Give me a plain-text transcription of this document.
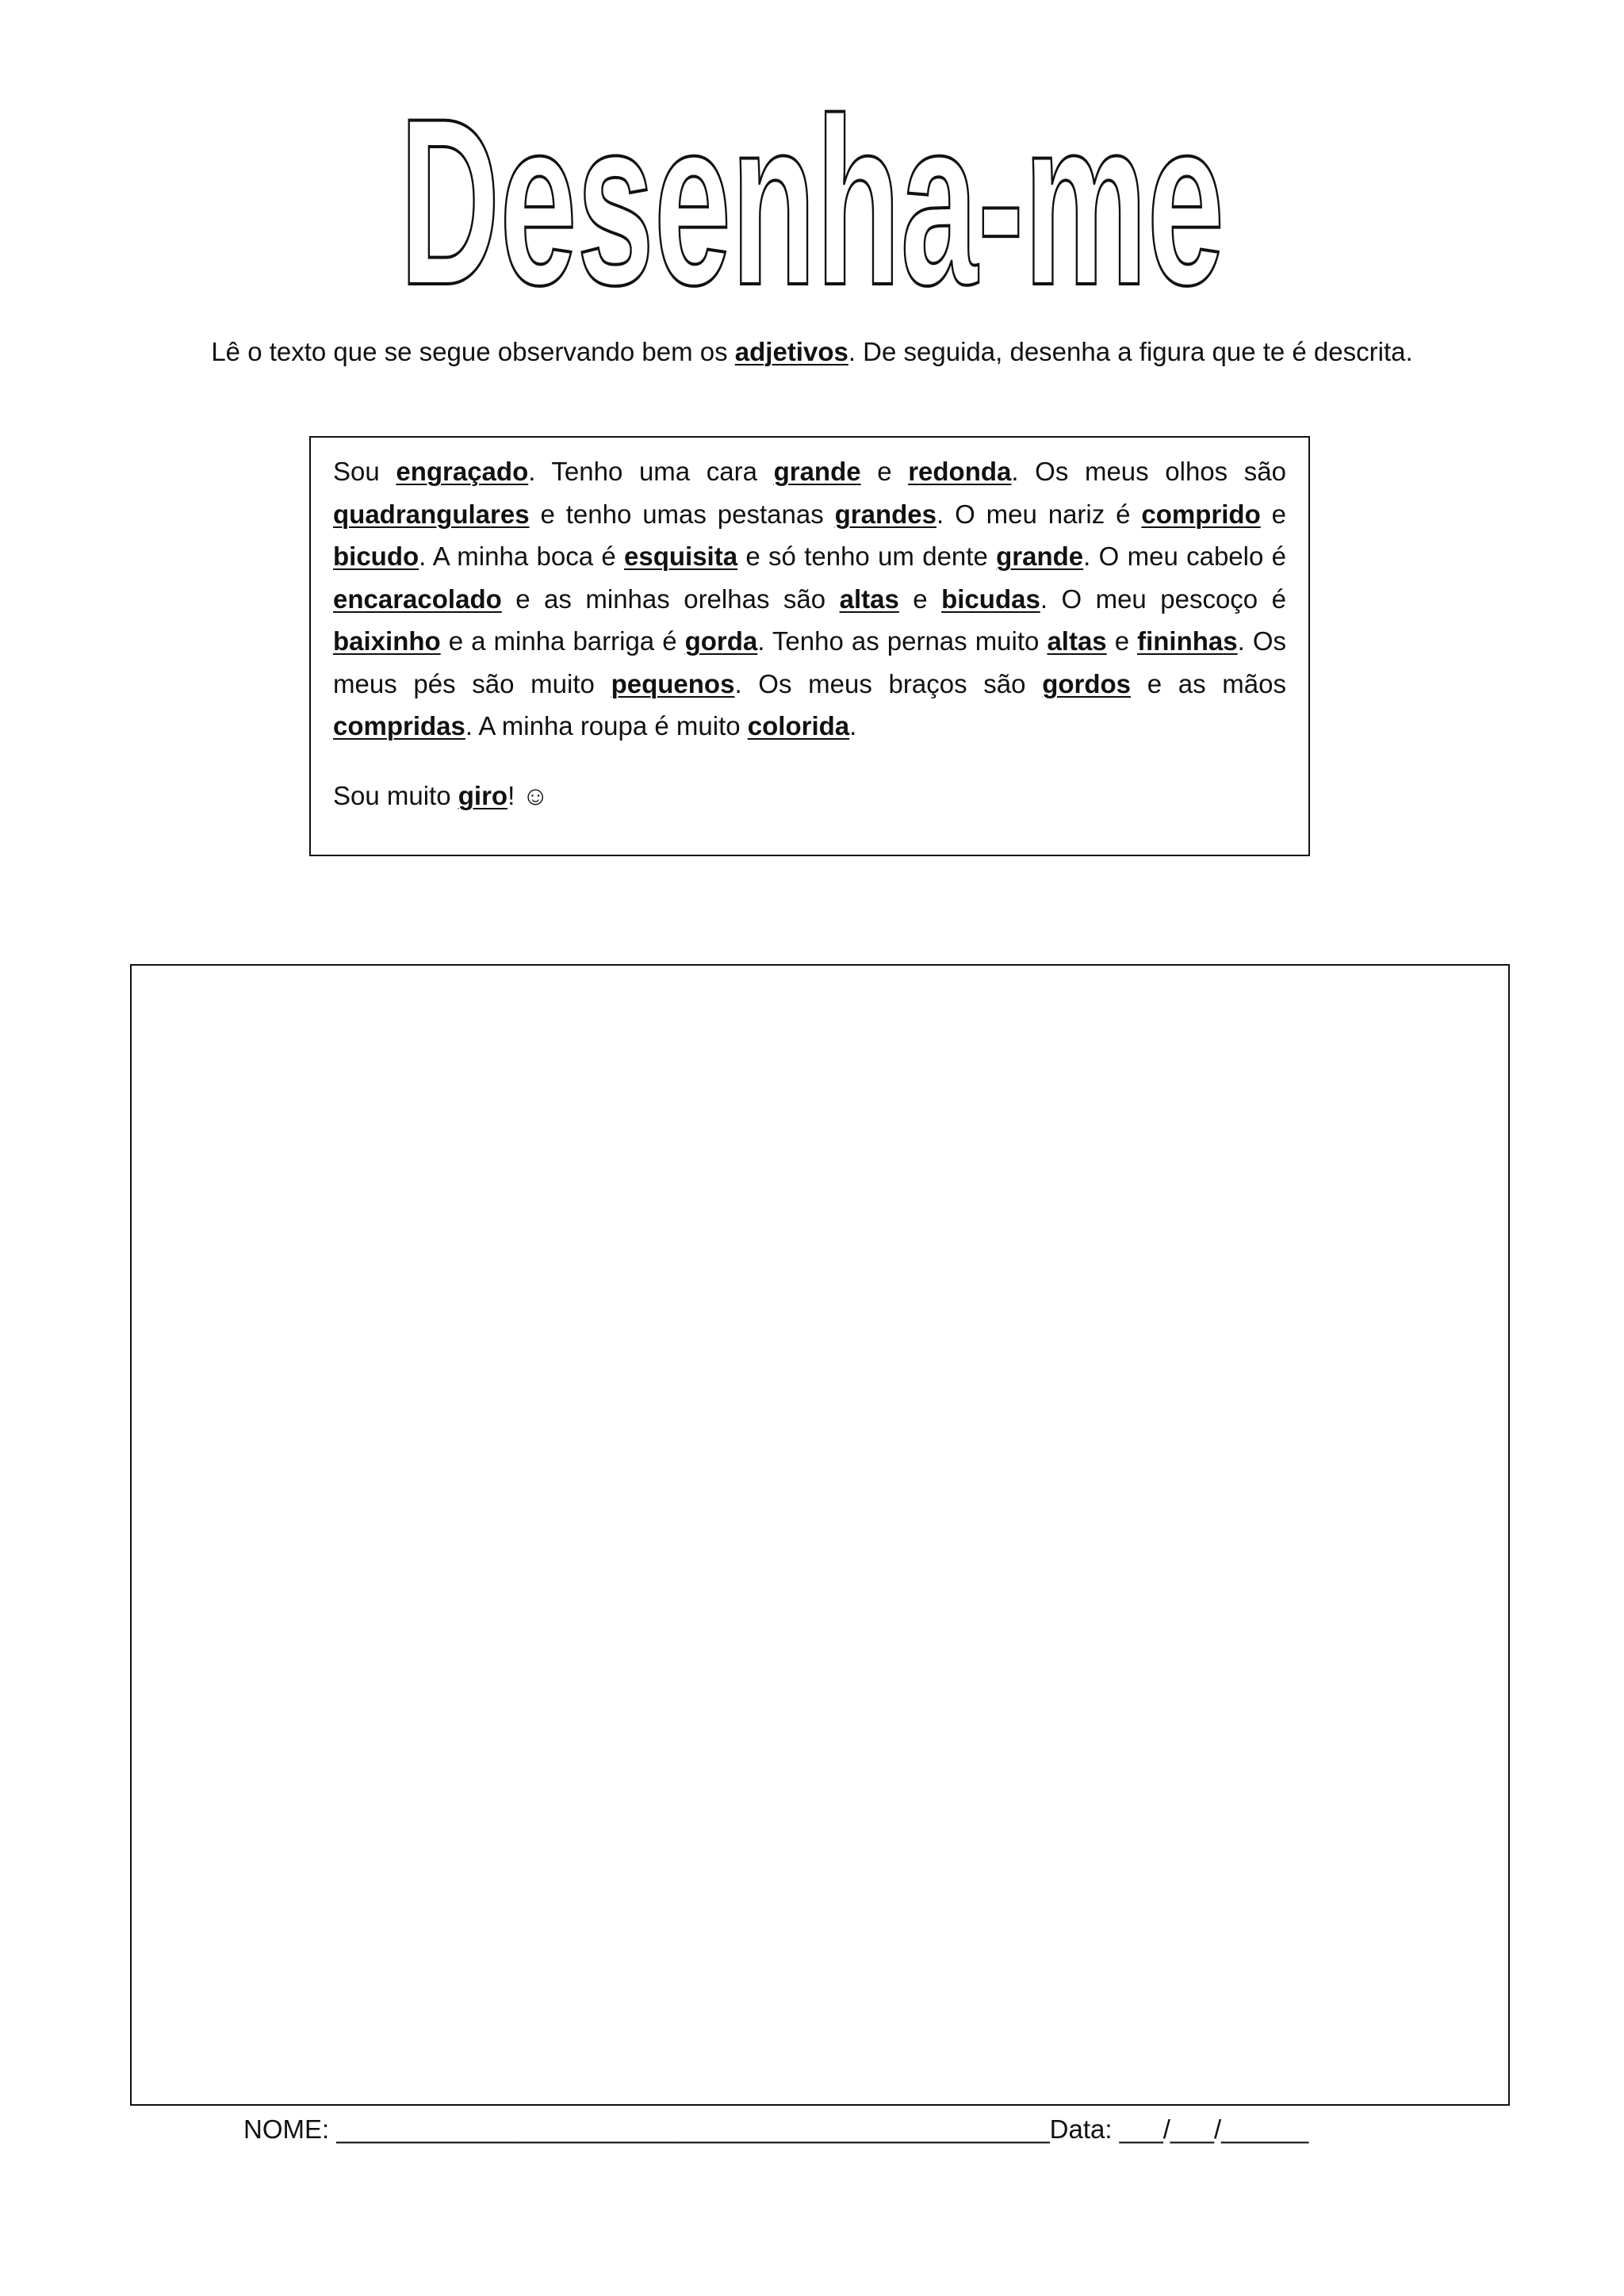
Desenha-me

Lê o texto que se segue observando bem os adjetivos. De seguida, desenha a figura que te é descrita.

Sou engraçado. Tenho uma cara grande e redonda. Os meus olhos são quadrangulares e tenho umas pestanas grandes. O meu nariz é comprido e bicudo. A minha boca é esquisita e só tenho um dente grande. O meu cabelo é encaracolado e as minhas orelhas são altas e bicudas. O meu pescoço é baixinho e a minha barriga é gorda. Tenho as pernas muito altas e fininhas. Os meus pés são muito pequenos. Os meus braços são gordos e as mãos compridas. A minha roupa é muito colorida.

Sou muito giro! ☺

NOME: _________________________________________________Data: ___/___/______
